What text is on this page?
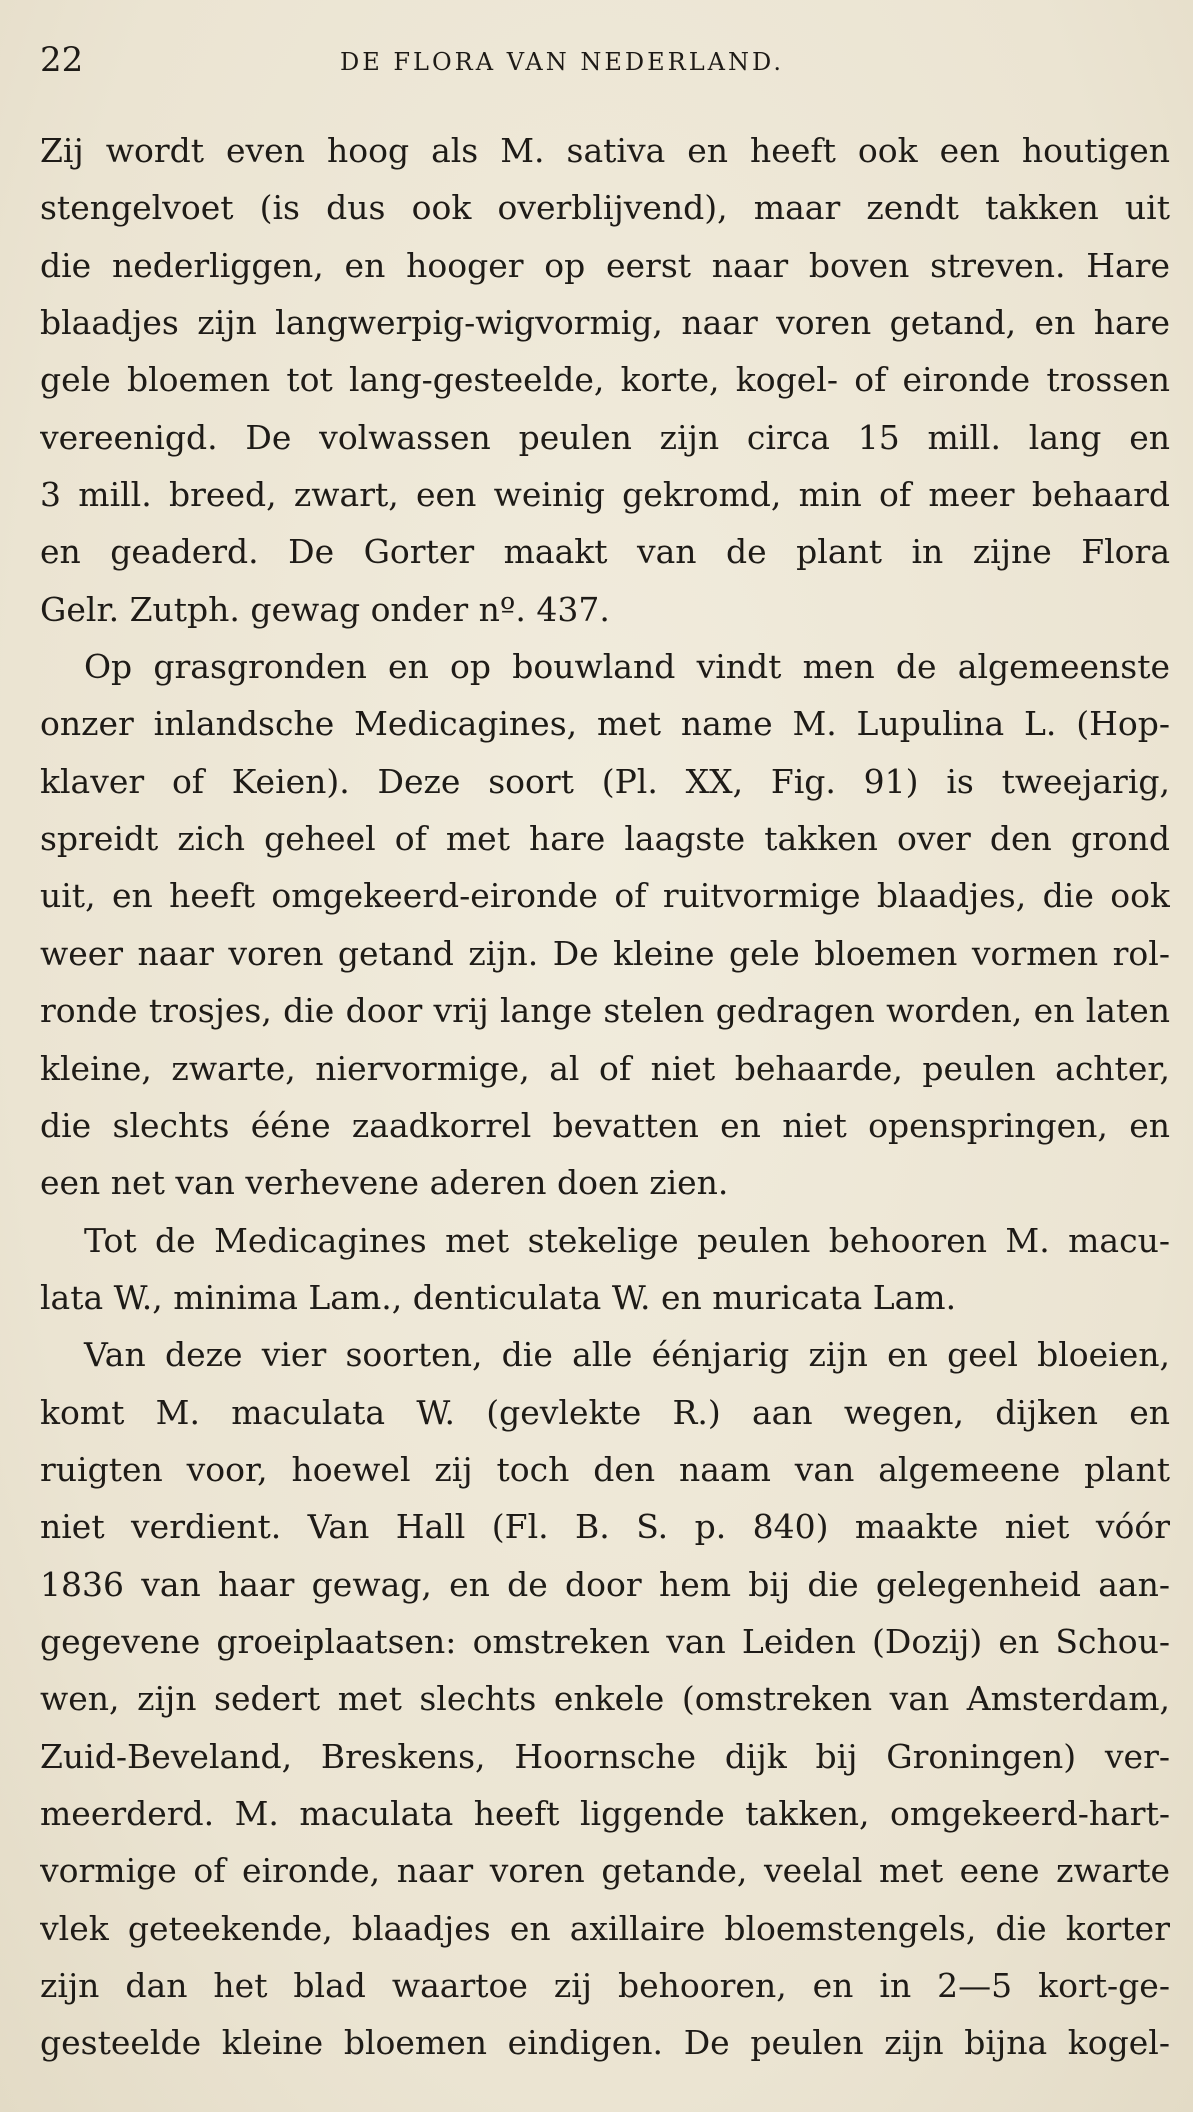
22	DE FLORA VAN NEDERLAND.
Zij wordt even hoog als M. sativa en heeft ook een houtigen
stengelvoet (is dus ook overblijvend), maar zendt takken uit
die nederliggen, en hooger op eerst naar boven streven. Hare
blaadjes zijn langwerpig-wigvormig, naar voren getand, en hare
gele bloemen tot lang-gesteelde, korte, kogel- of eironde trossen
vereenigd. De volwassen peulen zijn circa 15 mill. lang en
3 mill. breed, zwart, een weinig gekromd, min of meer behaard
en geaderd. De Gorter maakt van de plant in zijne Flora
Gelr. Zutph. gewag onder nº. 437.
Op grasgronden en op bouwland vindt men de algemeenste
onzer inlandsche Medicagines, met name M. Lupulina L. (Hop-
klaver of Keien). Deze soort (Pl. XX, Fig. 91) is tweejarig,
spreidt zich geheel of met hare laagste takken over den grond
uit, en heeft omgekeerd-eironde of ruitvormige blaadjes, die ook
weer naar voren getand zijn. De kleine gele bloemen vormen rol-
ronde trosjes, die door vrij lange stelen gedragen worden, en laten
kleine, zwarte, niervormige, al of niet behaarde, peulen achter,
die slechts ééne zaadkorrel bevatten en niet openspringen, en
een net van verhevene aderen doen zien.
Tot de Medicagines met stekelige peulen behooren M. macu-
lata W., minima Lam., denticulata W. en muricata Lam.
Van deze vier soorten, die alle éénjarig zijn en geel bloeien,
komt M. maculata W. (gevlekte R.) aan wegen, dijken en
ruigten voor, hoewel zij toch den naam van algemeene plant
niet verdient. Van Hall (Fl. B. S. p. 840) maakte niet vóór
1836 van haar gewag, en de door hem bij die gelegenheid aan-
gegevene groeiplaatsen: omstreken van Leiden (Dozij) en Schou-
wen, zijn sedert met slechts enkele (omstreken van Amsterdam,
Zuid-Beveland, Breskens, Hoornsche dijk bij Groningen) ver-
meerderd. M. maculata heeft liggende takken, omgekeerd-hart-
vormige of eironde, naar voren getande, veelal met eene zwarte
vlek geteekende, blaadjes en axillaire bloemstengels, die korter
zijn dan het blad waartoe zij behooren, en in 2—5 kort-ge-
gesteelde kleine bloemen eindigen. De peulen zijn bijna kogel-
